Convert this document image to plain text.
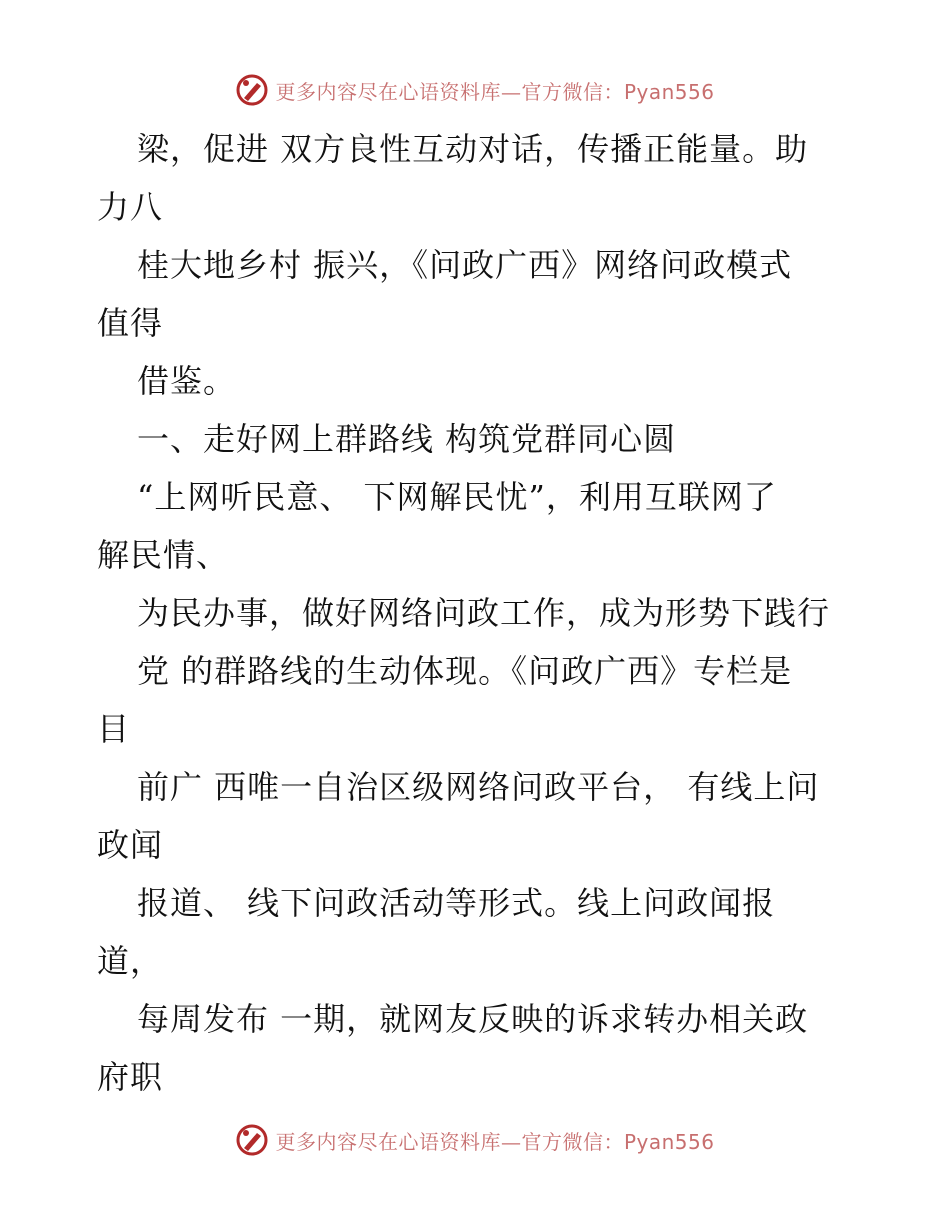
更多内容尽在心语资料库—官方微信：Pyan556
梁，促进 双方良性互动对话，传播正能量。助
力八
桂大地乡村 振兴，《问政广西》网络问政模式
值得
借鉴。
一、走好网上群路线 构筑党群同心圆
“上网听民意、 下网解民忧”，利用互联网了
解民情、
为民办事，做好网络问政工作，成为形势下践行
党 的群路线的生动体现。《问政广西》专栏是
目
前广 西唯一自治区级网络问政平台， 有线上问
政闻
报道、 线下问政活动等形式。线上问政闻报
道，
每周发布 一期，就网友反映的诉求转办相关政
府职
更多内容尽在心语资料库—官方微信：Pyan556
